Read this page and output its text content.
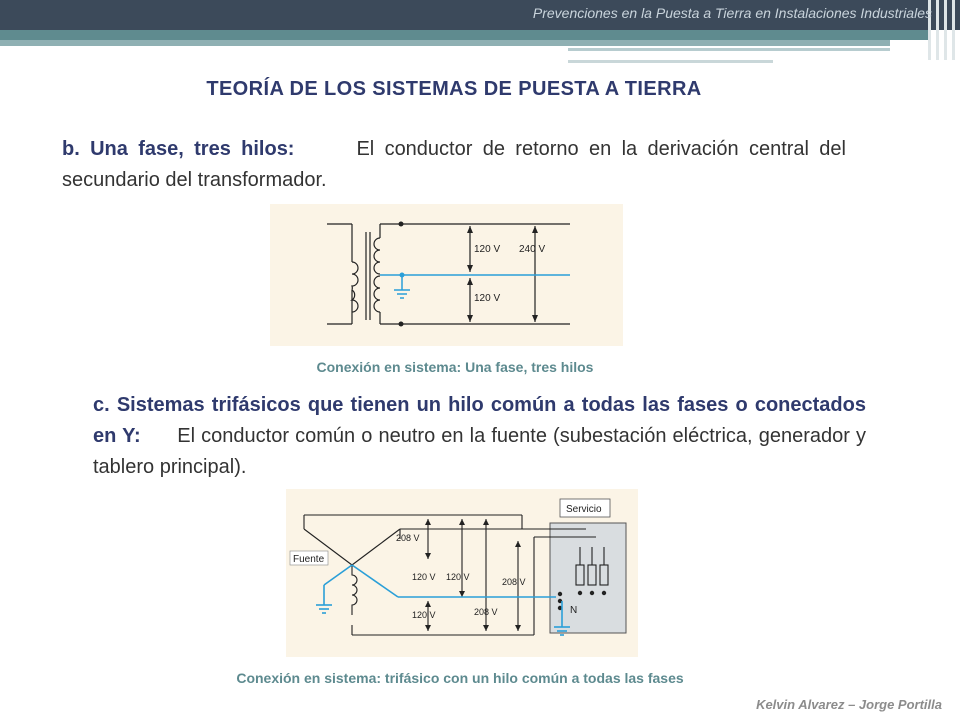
Prevenciones en la Puesta a Tierra en Instalaciones Industriales
TEORÍA DE LOS SISTEMAS DE PUESTA A TIERRA
b. Una fase, tres hilos:	El conductor de retorno en la derivación central del secundario del transformador.
120 V 240 V
120 V
Conexión en sistema: Una fase, tres hilos
c. Sistemas trifásicos que tienen un hilo común a todas las fases o conectados en Y: El conductor común o neutro en la fuente (subestación eléctrica, generador y tablero principal).
Servicio
Fuente
N
208 V
120 V 120 V	208 V
120 V	208 V
Conexión en sistema: trifásico con un hilo común a todas las fases
Kelvin Alvarez – Jorge Portilla
